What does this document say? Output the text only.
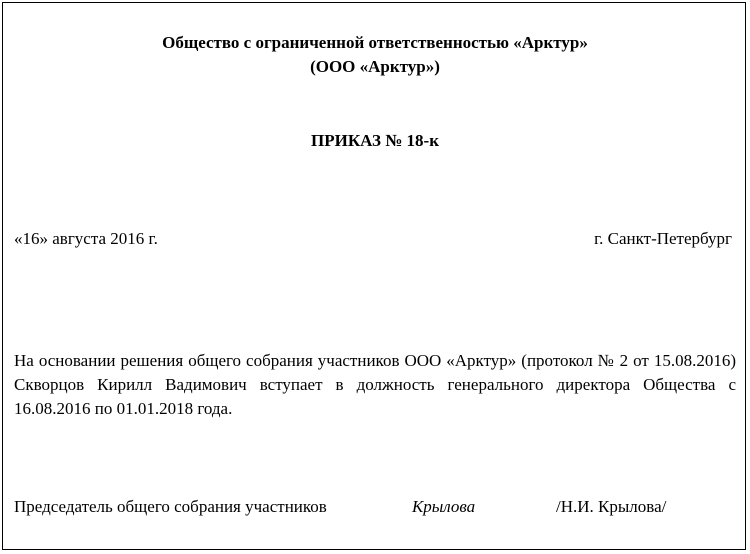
Общество с ограниченной ответственностью «Арктур»
(ООО «Арктур»)
ПРИКАЗ № 18-к
«16» августа 2016 г.	г. Санкт-Петербург

На основании решения общего собрания участников ООО «Арктур» (протокол № 2 от 15.08.2016) Скворцов Кирилл Вадимович вступает в должность генерального директора Общества с 16.08.2016 по 01.01.2018 года.

Председатель общего собрания участников	Крылова	/Н.И. Крылова/
